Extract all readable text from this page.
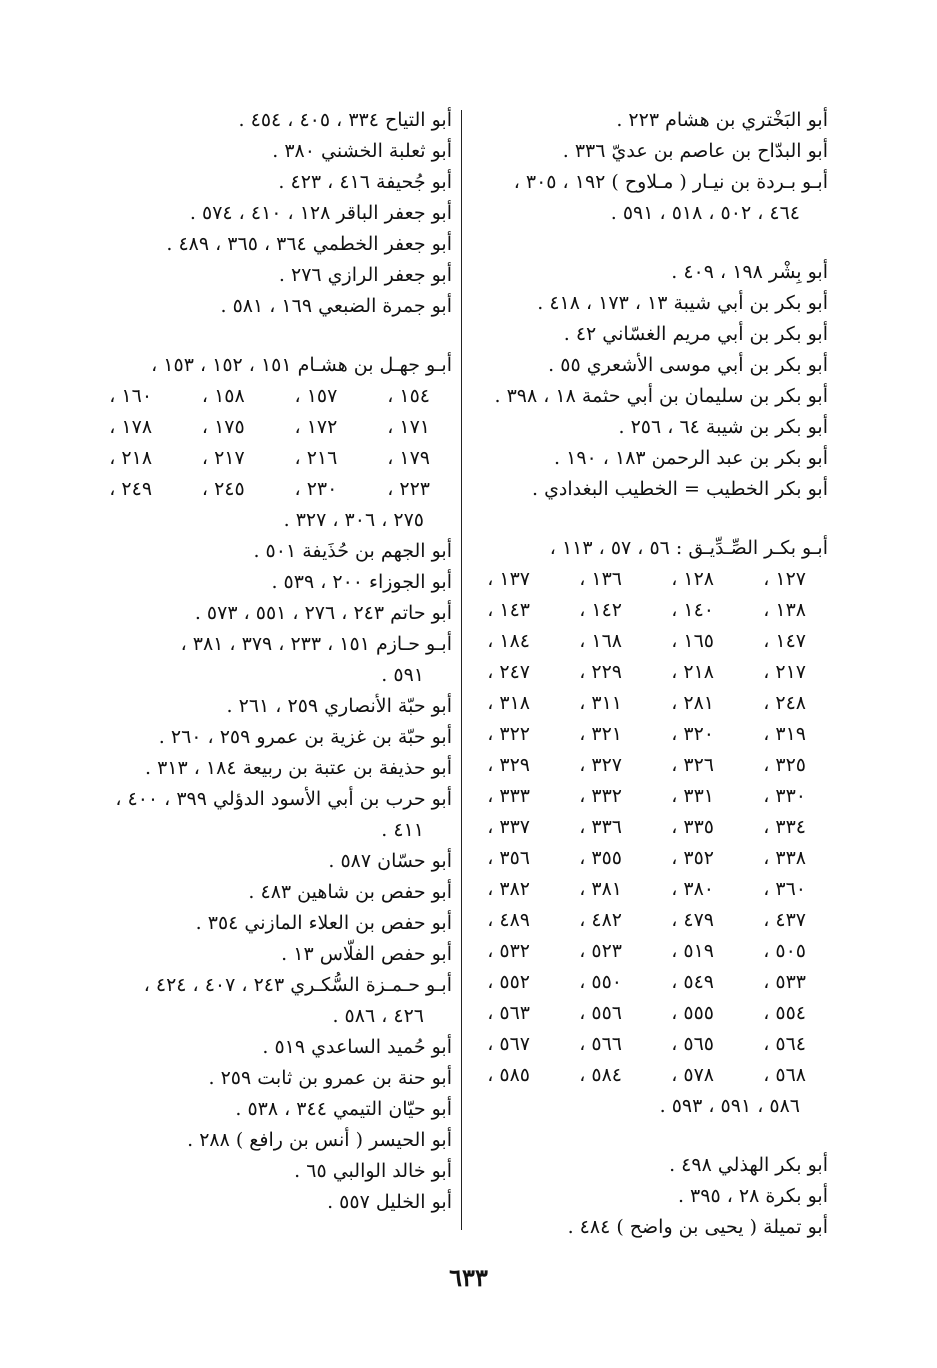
أبو البَخْتري بن هشام ٢٢٣ .
أبو البدّاح بن عاصم بن عديّ ٣٣٦ .
أبـو بـردة بن نيـار ( مـلاوح ) ١٩٢ ، ٣٠٥ ،
٤٦٤ ، ٥٠٢ ، ٥١٨ ، ٥٩١ .
أبو بِشْر ١٩٨ ، ٤٠٩ .
أبو بكر بن أبي شيبة ١٣ ، ١٧٣ ، ٤١٨ .
أبو بكر بن أبي مريم الغسّاني ٤٢ .
أبو بكر بن أبي موسى الأشعري ٥٥ .
أبو بكر بن سليمان بن أبي حثمة ١٨ ، ٣٩٨ .
أبو بكر بن شيبة ٦٤ ، ٢٥٦ .
أبو بكر بن عبد الرحمن ١٨٣ ، ١٩٠ .
أبو بكر الخطيب = الخطيب البغدادي .
أبـو بكـر الصِّـدِّيـق : ٥٦ ، ٥٧ ، ١١٣ ،
١٢٧ ،
١٢٨ ،
١٣٦ ،
١٣٧ ،
١٣٨ ،
١٤٠ ،
١٤٢ ،
١٤٣ ،
١٤٧ ،
١٦٥ ،
١٦٨ ،
١٨٤ ،
٢١٧ ،
٢١٨ ،
٢٢٩ ،
٢٤٧ ،
٢٤٨ ،
٢٨١ ،
٣١١ ،
٣١٨ ،
٣١٩ ،
٣٢٠ ،
٣٢١ ،
٣٢٢ ،
٣٢٥ ،
٣٢٦ ،
٣٢٧ ،
٣٢٩ ،
٣٣٠ ،
٣٣١ ،
٣٣٢ ،
٣٣٣ ،
٣٣٤ ،
٣٣٥ ،
٣٣٦ ،
٣٣٧ ،
٣٣٨ ،
٣٥٢ ،
٣٥٥ ،
٣٥٦ ،
٣٦٠ ،
٣٨٠ ،
٣٨١ ،
٣٨٢ ،
٤٣٧ ،
٤٧٩ ،
٤٨٢ ،
٤٨٩ ،
٥٠٥ ،
٥١٩ ،
٥٢٣ ،
٥٣٢ ،
٥٣٣ ،
٥٤٩ ،
٥٥٠ ،
٥٥٢ ،
٥٥٤ ،
٥٥٥ ،
٥٥٦ ،
٥٦٣ ،
٥٦٤ ،
٥٦٥ ،
٥٦٦ ،
٥٦٧ ،
٥٦٨ ،
٥٧٨ ،
٥٨٤ ،
٥٨٥ ،
٥٨٦ ، ٥٩١ ، ٥٩٣ .
أبو بكر الهذلي ٤٩٨ .
أبو بكرة ٢٨ ، ٣٩٥ .
أبو تميلة ( يحيى بن واضح ) ٤٨٤ .
أبو التياح ٣٣٤ ، ٤٠٥ ، ٤٥٤ .
أبو ثعلبة الخشني ٣٨٠ .
أبو جُحيفة ٤١٦ ، ٤٢٣ .
أبو جعفر الباقر ١٢٨ ، ٤١٠ ، ٥٧٤ .
أبو جعفر الخطمي ٣٦٤ ، ٣٦٥ ، ٤٨٩ .
أبو جعفر الرازي ٢٧٦ .
أبو جمرة الضبعي ١٦٩ ، ٥٨١ .
أبـو جهـل بن هشـام ١٥١ ، ١٥٢ ، ١٥٣ ،
١٥٤ ،
١٥٧ ،
١٥٨ ،
١٦٠ ،
١٧١ ،
١٧٢ ،
١٧٥ ،
١٧٨ ،
١٧٩ ،
٢١٦ ،
٢١٧ ،
٢١٨ ،
٢٢٣ ،
٢٣٠ ،
٢٤٥ ،
٢٤٩ ،
٢٧٥ ، ٣٠٦ ، ٣٢٧ .
أبو الجهم بن حُذَيفة ٥٠١ .
أبو الجوزاء ٢٠٠ ، ٥٣٩ .
أبو حاتم ٢٤٣ ، ٢٧٦ ، ٥٥١ ، ٥٧٣ .
أبـو حـازم ١٥١ ، ٢٣٣ ، ٣٧٩ ، ٣٨١ ،
٥٩١ .
أبو حبّة الأنصاري ٢٥٩ ، ٢٦١ .
أبو حبّة بن غزية بن عمرو ٢٥٩ ، ٢٦٠ .
أبو حذيفة بن عتبة بن ربيعة ١٨٤ ، ٣١٣ .
أبو حرب بن أبي الأسود الدؤلي ٣٩٩ ، ٤٠٠ ،
٤١١ .
أبو حسّان ٥٨٧ .
أبو حفص بن شاهين ٤٨٣ .
أبو حفص بن العلاء المازني ٣٥٤ .
أبو حفص الفلّاس ١٣ .
أبـو حـمـزة السُّكـري ٢٤٣ ، ٤٠٧ ، ٤٢٤ ،
٤٢٦ ، ٥٨٦ .
أبو حُميد الساعدي ٥١٩ .
أبو حنة بن عمرو بن ثابت ٢٥٩ .
أبو حيّان التيمي ٣٤٤ ، ٥٣٨ .
أبو الحيسر ( أنس بن رافع ) ٢٨٨ .
أبو خالد الوالبي ٦٥ .
أبو الخليل ٥٥٧ .
٦٣٣
